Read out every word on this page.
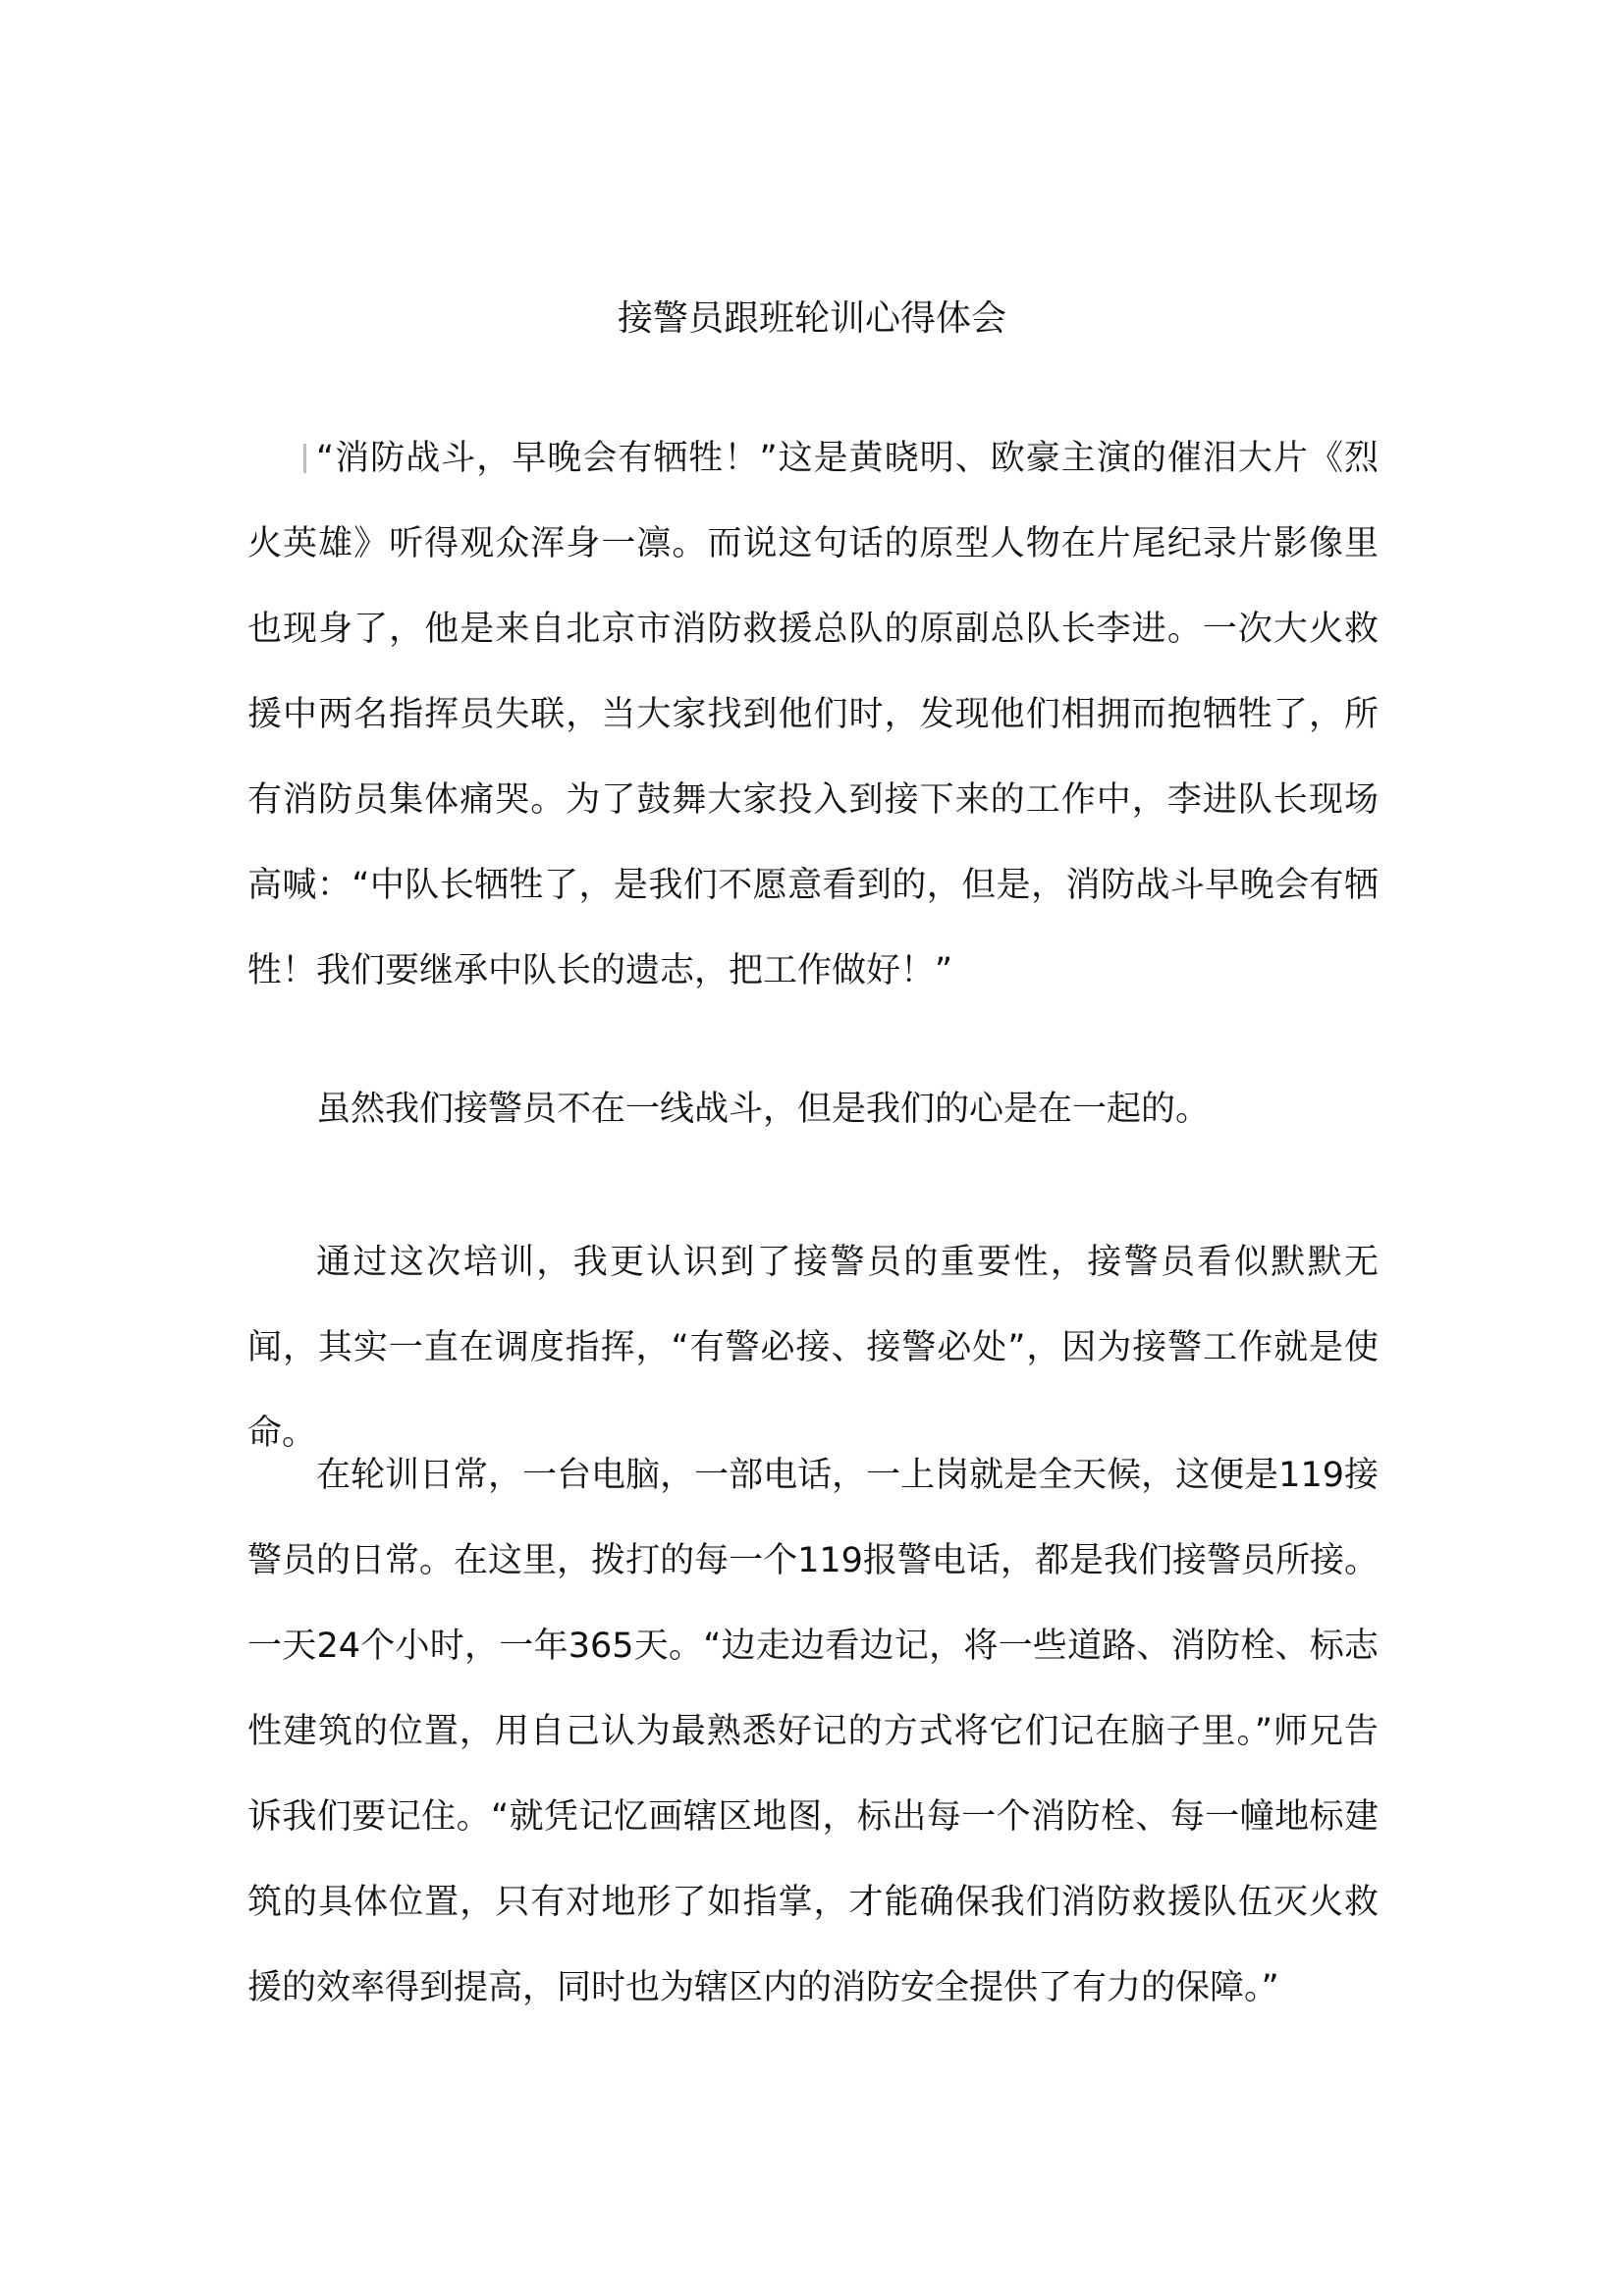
接警员跟班轮训心得体会

“消防战斗，早晚会有牺牲！”这是黄晓明、欧豪主演的催泪大片《烈火英雄》听得观众浑身一凛。而说这句话的原型人物在片尾纪录片影像里也现身了，他是来自北京市消防救援总队的原副总队长李进。一次大火救援中两名指挥员失联，当大家找到他们时，发现他们相拥而抱牺牲了，所有消防员集体痛哭。为了鼓舞大家投入到接下来的工作中，李进队长现场高喊：“中队长牺牲了，是我们不愿意看到的，但是，消防战斗早晚会有牺牲！我们要继承中队长的遗志，把工作做好！”

虽然我们接警员不在一线战斗，但是我们的心是在一起的。

通过这次培训，我更认识到了接警员的重要性，接警员看似默默无闻，其实一直在调度指挥，“有警必接、接警必处”，因为接警工作就是使命。

在轮训日常，一台电脑，一部电话，一上岗就是全天候，这便是119接警员的日常。在这里，拨打的每一个119报警电话，都是我们接警员所接。一天24个小时，一年365天。“边走边看边记，将一些道路、消防栓、标志性建筑的位置，用自己认为最熟悉好记的方式将它们记在脑子里。”师兄告诉我们要记住。“就凭记忆画辖区地图，标出每一个消防栓、每一幢地标建筑的具体位置，只有对地形了如指掌，才能确保我们消防救援队伍灭火救援的效率得到提高，同时也为辖区内的消防安全提供了有力的保障。”
